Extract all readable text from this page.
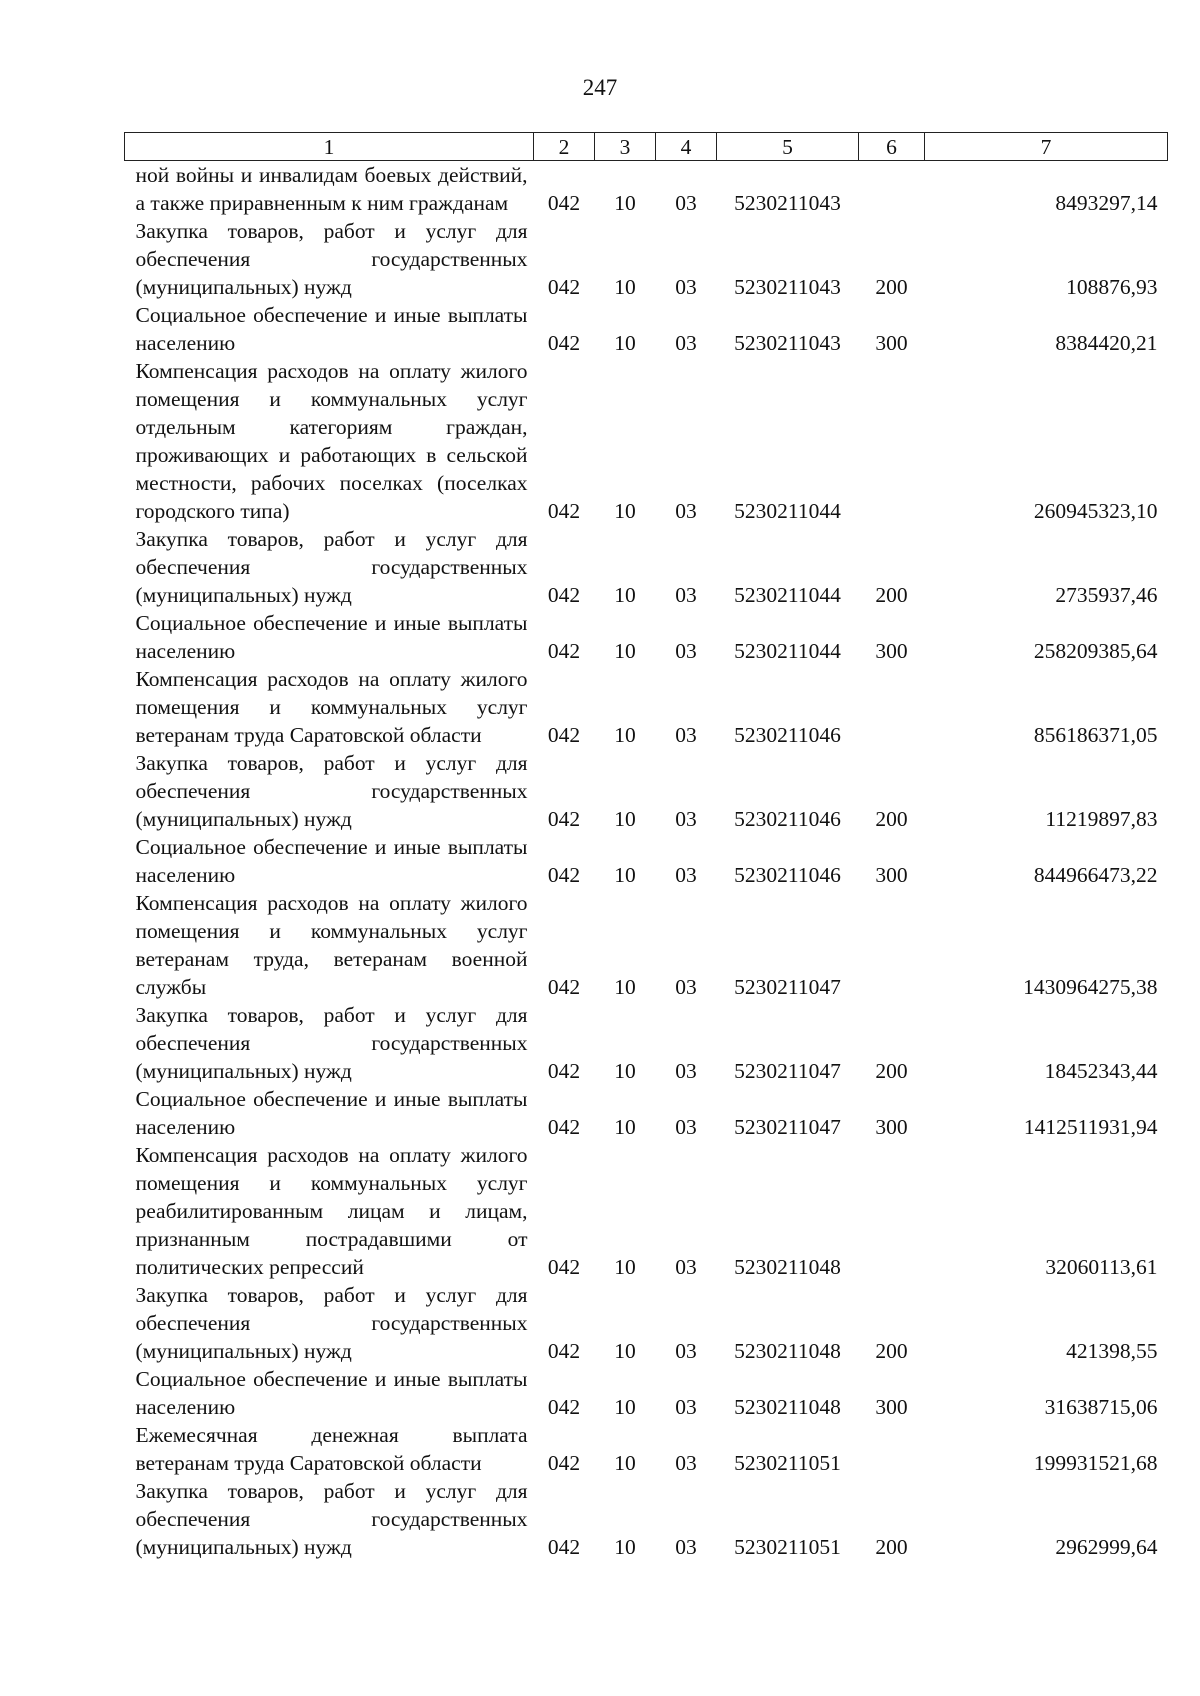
247
1	2	3	4	5	6	7
ной войны и инвалидам боевых действий, а также приравненным к ним гражданам	042	10	03	5230211043		8493297,14
Закупка товаров, работ и услуг для обеспечения государственных (муниципальных) нужд	042	10	03	5230211043	200	108876,93
Социальное обеспечение и иные выплаты населению	042	10	03	5230211043	300	8384420,21
Компенсация расходов на оплату жилого помещения и коммунальных услуг отдельным категориям граждан, проживающих и работающих в сельской местности, рабочих поселках (поселках городского типа)	042	10	03	5230211044		260945323,10
Закупка товаров, работ и услуг для обеспечения государственных (муниципальных) нужд	042	10	03	5230211044	200	2735937,46
Социальное обеспечение и иные выплаты населению	042	10	03	5230211044	300	258209385,64
Компенсация расходов на оплату жилого помещения и коммунальных услуг ветеранам труда Саратовской области	042	10	03	5230211046		856186371,05
Закупка товаров, работ и услуг для обеспечения государственных (муниципальных) нужд	042	10	03	5230211046	200	11219897,83
Социальное обеспечение и иные выплаты населению	042	10	03	5230211046	300	844966473,22
Компенсация расходов на оплату жилого помещения и коммунальных услуг ветеранам труда, ветеранам военной службы	042	10	03	5230211047		1430964275,38
Закупка товаров, работ и услуг для обеспечения государственных (муниципальных) нужд	042	10	03	5230211047	200	18452343,44
Социальное обеспечение и иные выплаты населению	042	10	03	5230211047	300	1412511931,94
Компенсация расходов на оплату жилого помещения и коммунальных услуг реабилитированным лицам и лицам, признанным пострадавшими от политических репрессий	042	10	03	5230211048		32060113,61
Закупка товаров, работ и услуг для обеспечения государственных (муниципальных) нужд	042	10	03	5230211048	200	421398,55
Социальное обеспечение и иные выплаты населению	042	10	03	5230211048	300	31638715,06
Ежемесячная денежная выплата ветеранам труда Саратовской области	042	10	03	5230211051		199931521,68
Закупка товаров, работ и услуг для обеспечения государственных (муниципальных) нужд	042	10	03	5230211051	200	2962999,64
